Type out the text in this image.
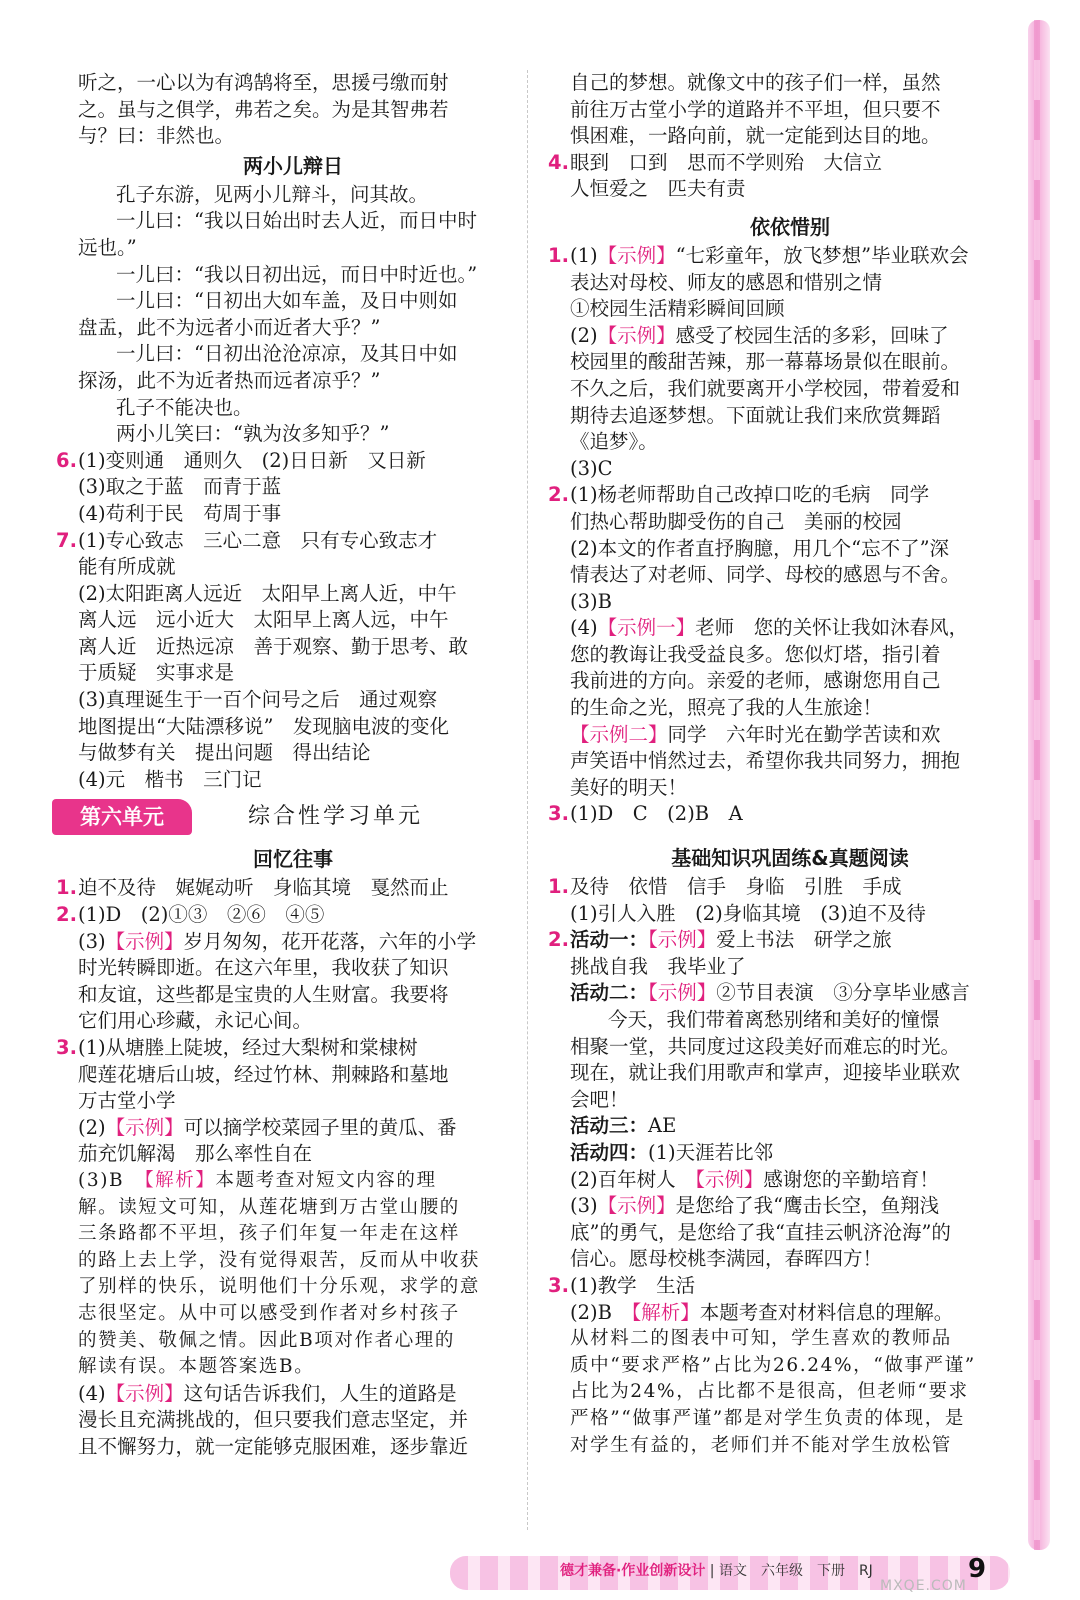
听之，一心以为有鸿鹄将至，思援弓缴而射
之。虽与之俱学，弗若之矣。为是其智弗若
与？曰：非然也。
两小儿辩日
孔子东游，见两小儿辩斗，问其故。
一儿曰：“我以日始出时去人近，而日中时
远也。”
一儿曰：“我以日初出远，而日中时近也。”
一儿曰：“日初出大如车盖，及日中则如
盘盂，此不为远者小而近者大乎？”
一儿曰：“日初出沧沧凉凉，及其日中如
探汤，此不为近者热而远者凉乎？”
孔子不能决也。
两小儿笑曰：“孰为汝多知乎？”
6.(1)变则通　通则久　(2)日日新　又日新
(3)取之于蓝　而青于蓝
(4)苟利于民　苟周于事
7.(1)专心致志　三心二意　只有专心致志才
能有所成就
(2)太阳距离人远近　太阳早上离人近，中午
离人远　远小近大　太阳早上离人远，中午
离人近　近热远凉　善于观察、勤于思考、敢
于质疑　实事求是
(3)真理诞生于一百个问号之后　通过观察
地图提出“大陆漂移说”　发现脑电波的变化
与做梦有关　提出问题　得出结论
(4)元　楷书　三门记
第六单元	综合性学习单元
回忆往事
1.迫不及待　娓娓动听　身临其境　戛然而止
2.(1)D　(2)①③　②⑥　④⑤
(3)【示例】岁月匆匆，花开花落，六年的小学
时光转瞬即逝。在这六年里，我收获了知识
和友谊，这些都是宝贵的人生财富。我要将
它们用心珍藏，永记心间。
3.(1)从塘塍上陡坡，经过大梨树和棠棣树
爬莲花塘后山坡，经过竹林、荆棘路和墓地
万古堂小学
(2)【示例】可以摘学校菜园子里的黄瓜、番
茄充饥解渴　那么率性自在
(3)B　【解析】本题考查对短文内容的理
解。读短文可知，从莲花塘到万古堂山腰的
三条路都不平坦，孩子们年复一年走在这样
的路上去上学，没有觉得艰苦，反而从中收获
了别样的快乐，说明他们十分乐观，求学的意
志很坚定。从中可以感受到作者对乡村孩子
的赞美、敬佩之情。因此B项对作者心理的
解读有误。本题答案选B。
(4)【示例】这句话告诉我们，人生的道路是
漫长且充满挑战的，但只要我们意志坚定，并
且不懈努力，就一定能够克服困难，逐步靠近
自己的梦想。就像文中的孩子们一样，虽然
前往万古堂小学的道路并不平坦，但只要不
惧困难，一路向前，就一定能到达目的地。
4.眼到　口到　思而不学则殆　大信立
人恒爱之　匹夫有责
依依惜别
1.(1)【示例】“七彩童年，放飞梦想”毕业联欢会
表达对母校、师友的感恩和惜别之情
①校园生活精彩瞬间回顾
(2)【示例】感受了校园生活的多彩，回味了
校园里的酸甜苦辣，那一幕幕场景似在眼前。
不久之后，我们就要离开小学校园，带着爱和
期待去追逐梦想。下面就让我们来欣赏舞蹈
《追梦》。
(3)C
2.(1)杨老师帮助自己改掉口吃的毛病　同学
们热心帮助脚受伤的自己　美丽的校园
(2)本文的作者直抒胸臆，用几个“忘不了”深
情表达了对老师、同学、母校的感恩与不舍。
(3)B
(4)【示例一】老师　您的关怀让我如沐春风，
您的教诲让我受益良多。您似灯塔，指引着
我前进的方向。亲爱的老师，感谢您用自己
的生命之光，照亮了我的人生旅途！
【示例二】同学　六年时光在勤学苦读和欢
声笑语中悄然过去，希望你我共同努力，拥抱
美好的明天！
3.(1)D　C　(2)B　A
基础知识巩固练&真题阅读
1.及待　依惜　信手　身临　引胜　手成
(1)引人入胜　(2)身临其境　(3)迫不及待
2.活动一：【示例】爱上书法　研学之旅
挑战自我　我毕业了
活动二：【示例】②节目表演　③分享毕业感言
今天，我们带着离愁别绪和美好的憧憬
相聚一堂，共同度过这段美好而难忘的时光。
现在，就让我们用歌声和掌声，迎接毕业联欢
会吧！
活动三：AE
活动四：(1)天涯若比邻
(2)百年树人　【示例】感谢您的辛勤培育！
(3)【示例】是您给了我“鹰击长空，鱼翔浅
底”的勇气，是您给了我“直挂云帆济沧海”的
信心。愿母校桃李满园，春晖四方！
3.(1)教学　生活
(2)B　【解析】本题考查对材料信息的理解。
从材料二的图表中可知，学生喜欢的教师品
质中“要求严格”占比为26.24%，“做事严谨”
占比为24%，占比都不是很高，但老师“要求
严格”“做事严谨”都是对学生负责的体现，是
对学生有益的，老师们并不能对学生放松管
德才兼备·作业创新设计 | 语文　六年级　下册　RJ
MXQE.COM
9
